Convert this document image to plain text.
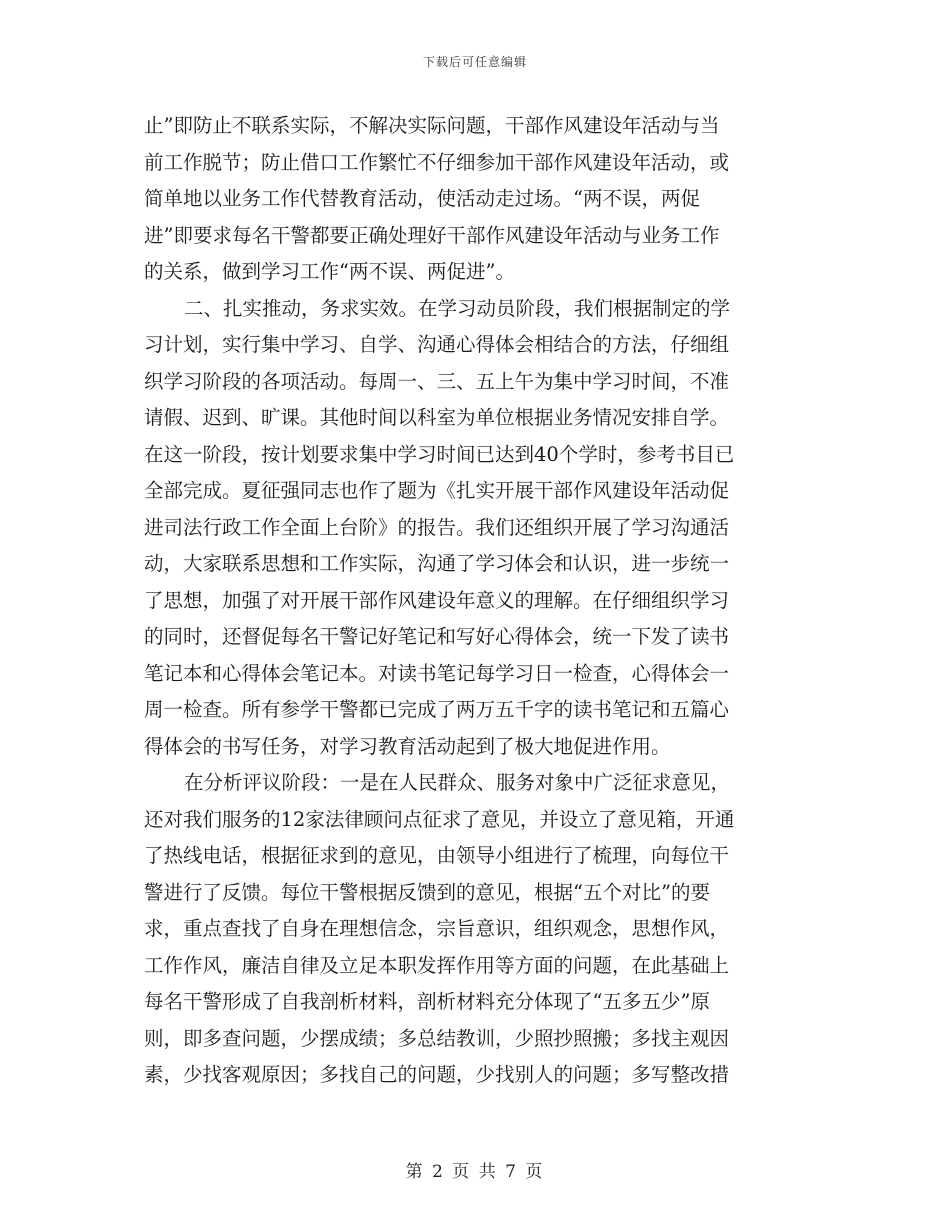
下载后可任意编辑
止”即防止不联系实际，不解决实际问题，干部作风建设年活动与当
前工作脱节；防止借口工作繁忙不仔细参加干部作风建设年活动，或
简单地以业务工作代替教育活动，使活动走过场。“两不误，两促
进”即要求每名干警都要正确处理好干部作风建设年活动与业务工作
的关系，做到学习工作“两不误、两促进”。
二、扎实推动，务求实效。在学习动员阶段，我们根据制定的学
习计划，实行集中学习、自学、沟通心得体会相结合的方法，仔细组
织学习阶段的各项活动。每周一、三、五上午为集中学习时间，不准
请假、迟到、旷课。其他时间以科室为单位根据业务情况安排自学。
在这一阶段，按计划要求集中学习时间已达到40个学时，参考书目已
全部完成。夏征强同志也作了题为《扎实开展干部作风建设年活动促
进司法行政工作全面上台阶》的报告。我们还组织开展了学习沟通活
动，大家联系思想和工作实际，沟通了学习体会和认识，进一步统一
了思想，加强了对开展干部作风建设年意义的理解。在仔细组织学习
的同时，还督促每名干警记好笔记和写好心得体会，统一下发了读书
笔记本和心得体会笔记本。对读书笔记每学习日一检查，心得体会一
周一检查。所有参学干警都已完成了两万五千字的读书笔记和五篇心
得体会的书写任务，对学习教育活动起到了极大地促进作用。
在分析评议阶段：一是在人民群众、服务对象中广泛征求意见，
还对我们服务的12家法律顾问点征求了意见，并设立了意见箱，开通
了热线电话，根据征求到的意见，由领导小组进行了梳理，向每位干
警进行了反馈。每位干警根据反馈到的意见，根据“五个对比”的要
求，重点查找了自身在理想信念，宗旨意识，组织观念，思想作风，
工作作风，廉洁自律及立足本职发挥作用等方面的问题，在此基础上
每名干警形成了自我剖析材料，剖析材料充分体现了“五多五少”原
则，即多查问题，少摆成绩；多总结教训，少照抄照搬；多找主观因
素，少找客观原因；多找自己的问题，少找别人的问题；多写整改措
第 2 页 共 7 页
